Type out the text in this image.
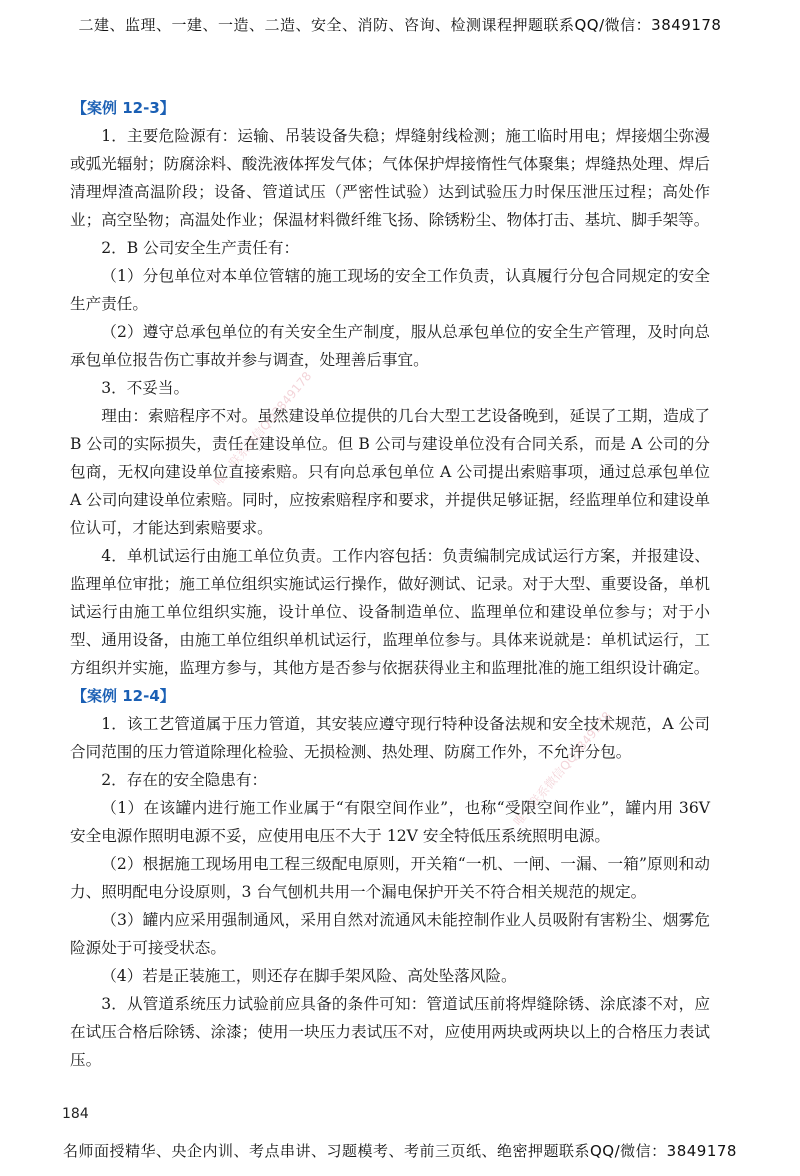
二建、监理、一建、一造、二造、安全、消防、咨询、检测课程押题联系QQ/微信：3849178
唯一联系微信QQ3849178
唯一联系微信QQ3849178
【案例 12-3】

1．主要危险源有：运输、吊装设备失稳；焊缝射线检测；施工临时用电；焊接烟尘弥漫或弧光辐射；防腐涂料、酸洗液体挥发气体；气体保护焊接惰性气体聚集；焊缝热处理、焊后清理焊渣高温阶段；设备、管道试压（严密性试验）达到试验压力时保压泄压过程；高处作业；高空坠物；高温处作业；保温材料微纤维飞扬、除锈粉尘、物体打击、基坑、脚手架等。

2．B 公司安全生产责任有：

（1）分包单位对本单位管辖的施工现场的安全工作负责，认真履行分包合同规定的安全生产责任。

（2）遵守总承包单位的有关安全生产制度，服从总承包单位的安全生产管理，及时向总承包单位报告伤亡事故并参与调查，处理善后事宜。

3．不妥当。

理由：索赔程序不对。虽然建设单位提供的几台大型工艺设备晚到，延误了工期，造成了 B 公司的实际损失，责任在建设单位。但 B 公司与建设单位没有合同关系，而是 A 公司的分包商，无权向建设单位直接索赔。只有向总承包单位 A 公司提出索赔事项，通过总承包单位 A 公司向建设单位索赔。同时，应按索赔程序和要求，并提供足够证据，经监理单位和建设单位认可，才能达到索赔要求。

4．单机试运行由施工单位负责。工作内容包括：负责编制完成试运行方案，并报建设、监理单位审批；施工单位组织实施试运行操作，做好测试、记录。对于大型、重要设备，单机试运行由施工单位组织实施，设计单位、设备制造单位、监理单位和建设单位参与；对于小型、通用设备，由施工单位组织单机试运行，监理单位参与。具体来说就是：单机试运行，工方组织并实施，监理方参与，其他方是否参与依据获得业主和监理批准的施工组织设计确定。

【案例 12-4】

1．该工艺管道属于压力管道，其安装应遵守现行特种设备法规和安全技术规范，A 公司合同范围的压力管道除理化检验、无损检测、热处理、防腐工作外，不允许分包。

2．存在的安全隐患有：

（1）在该罐内进行施工作业属于“有限空间作业”，也称“受限空间作业”，罐内用 36V 安全电源作照明电源不妥，应使用电压不大于 12V 安全特低压系统照明电源。

（2）根据施工现场用电工程三级配电原则，开关箱“一机、一闸、一漏、一箱”原则和动力、照明配电分设原则，3 台气刨机共用一个漏电保护开关不符合相关规范的规定。

（3）罐内应采用强制通风，采用自然对流通风未能控制作业人员吸附有害粉尘、烟雾危险源处于可接受状态。

（4）若是正装施工，则还存在脚手架风险、高处坠落风险。

3．从管道系统压力试验前应具备的条件可知：管道试压前将焊缝除锈、涂底漆不对，应在试压合格后除锈、涂漆；使用一块压力表试压不对，应使用两块或两块以上的合格压力表试压。

184
名师面授精华、央企内训、考点串讲、习题模考、考前三页纸、绝密押题联系QQ/微信：3849178
